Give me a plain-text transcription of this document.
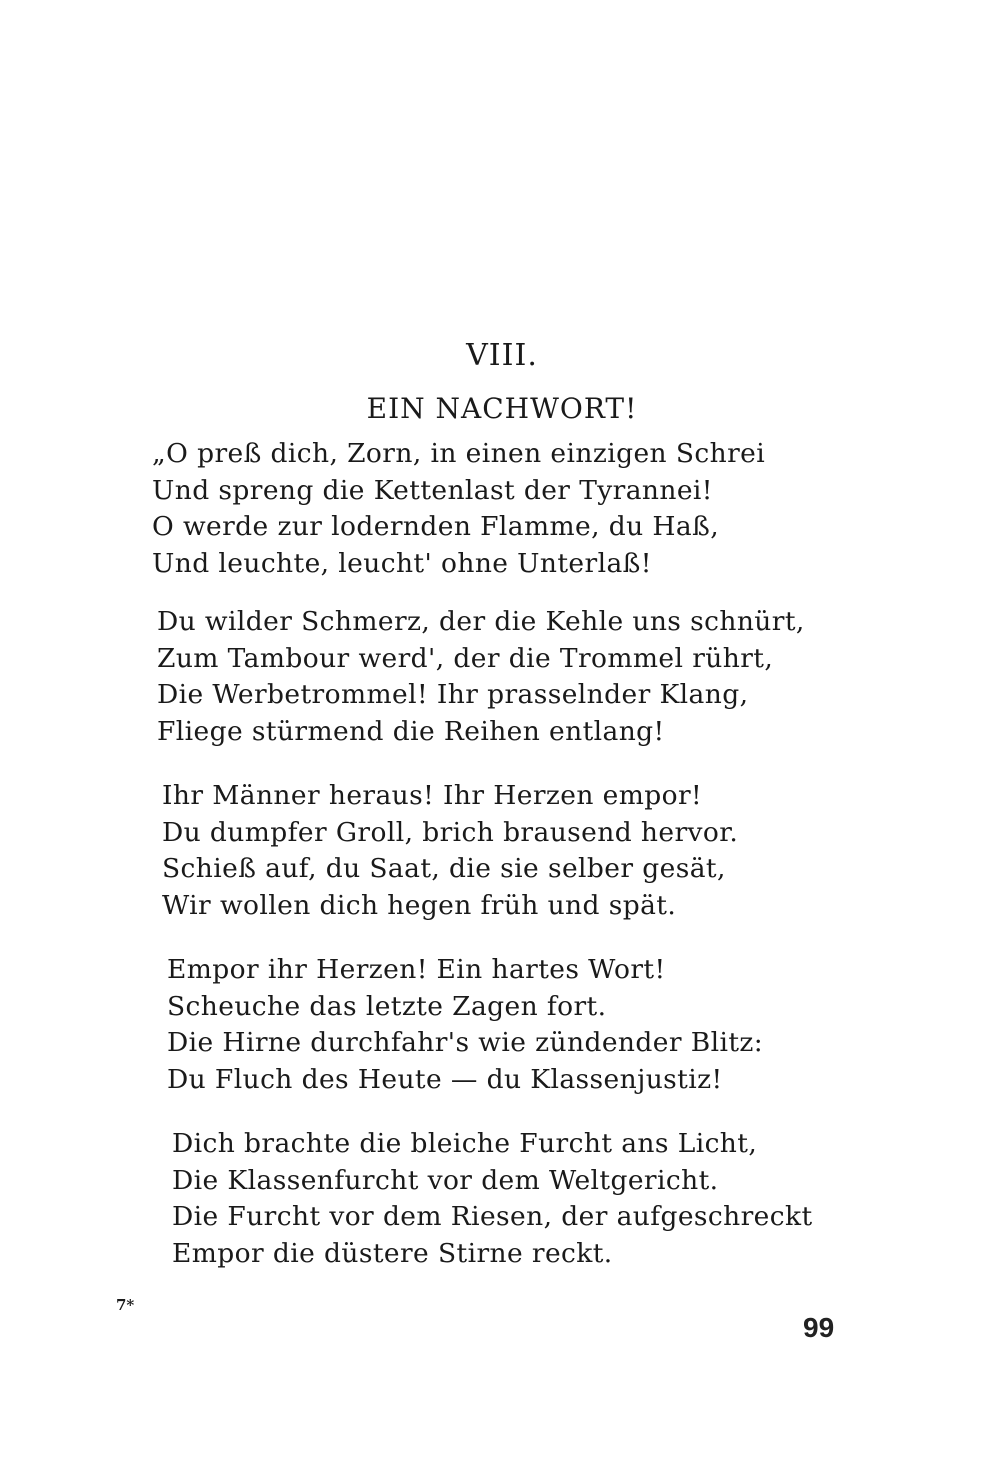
VIII.
EIN NACHWORT!
„O preß dich, Zorn, in einen einzigen Schrei
Und spreng die Kettenlast der Tyrannei!
O werde zur lodernden Flamme, du Haß,
Und leuchte, leucht' ohne Unterlaß!
Du wilder Schmerz, der die Kehle uns schnürt,
Zum Tambour werd', der die Trommel rührt,
Die Werbetrommel! Ihr prasselnder Klang,
Fliege stürmend die Reihen entlang!
Ihr Männer heraus! Ihr Herzen empor!
Du dumpfer Groll, brich brausend hervor.
Schieß auf, du Saat, die sie selber gesät,
Wir wollen dich hegen früh und spät.
Empor ihr Herzen! Ein hartes Wort!
Scheuche das letzte Zagen fort.
Die Hirne durchfahr's wie zündender Blitz:
Du Fluch des Heute — du Klassenjustiz!
Dich brachte die bleiche Furcht ans Licht,
Die Klassenfurcht vor dem Weltgericht.
Die Furcht vor dem Riesen, der aufgeschreckt
Empor die düstere Stirne reckt.
7*
99
